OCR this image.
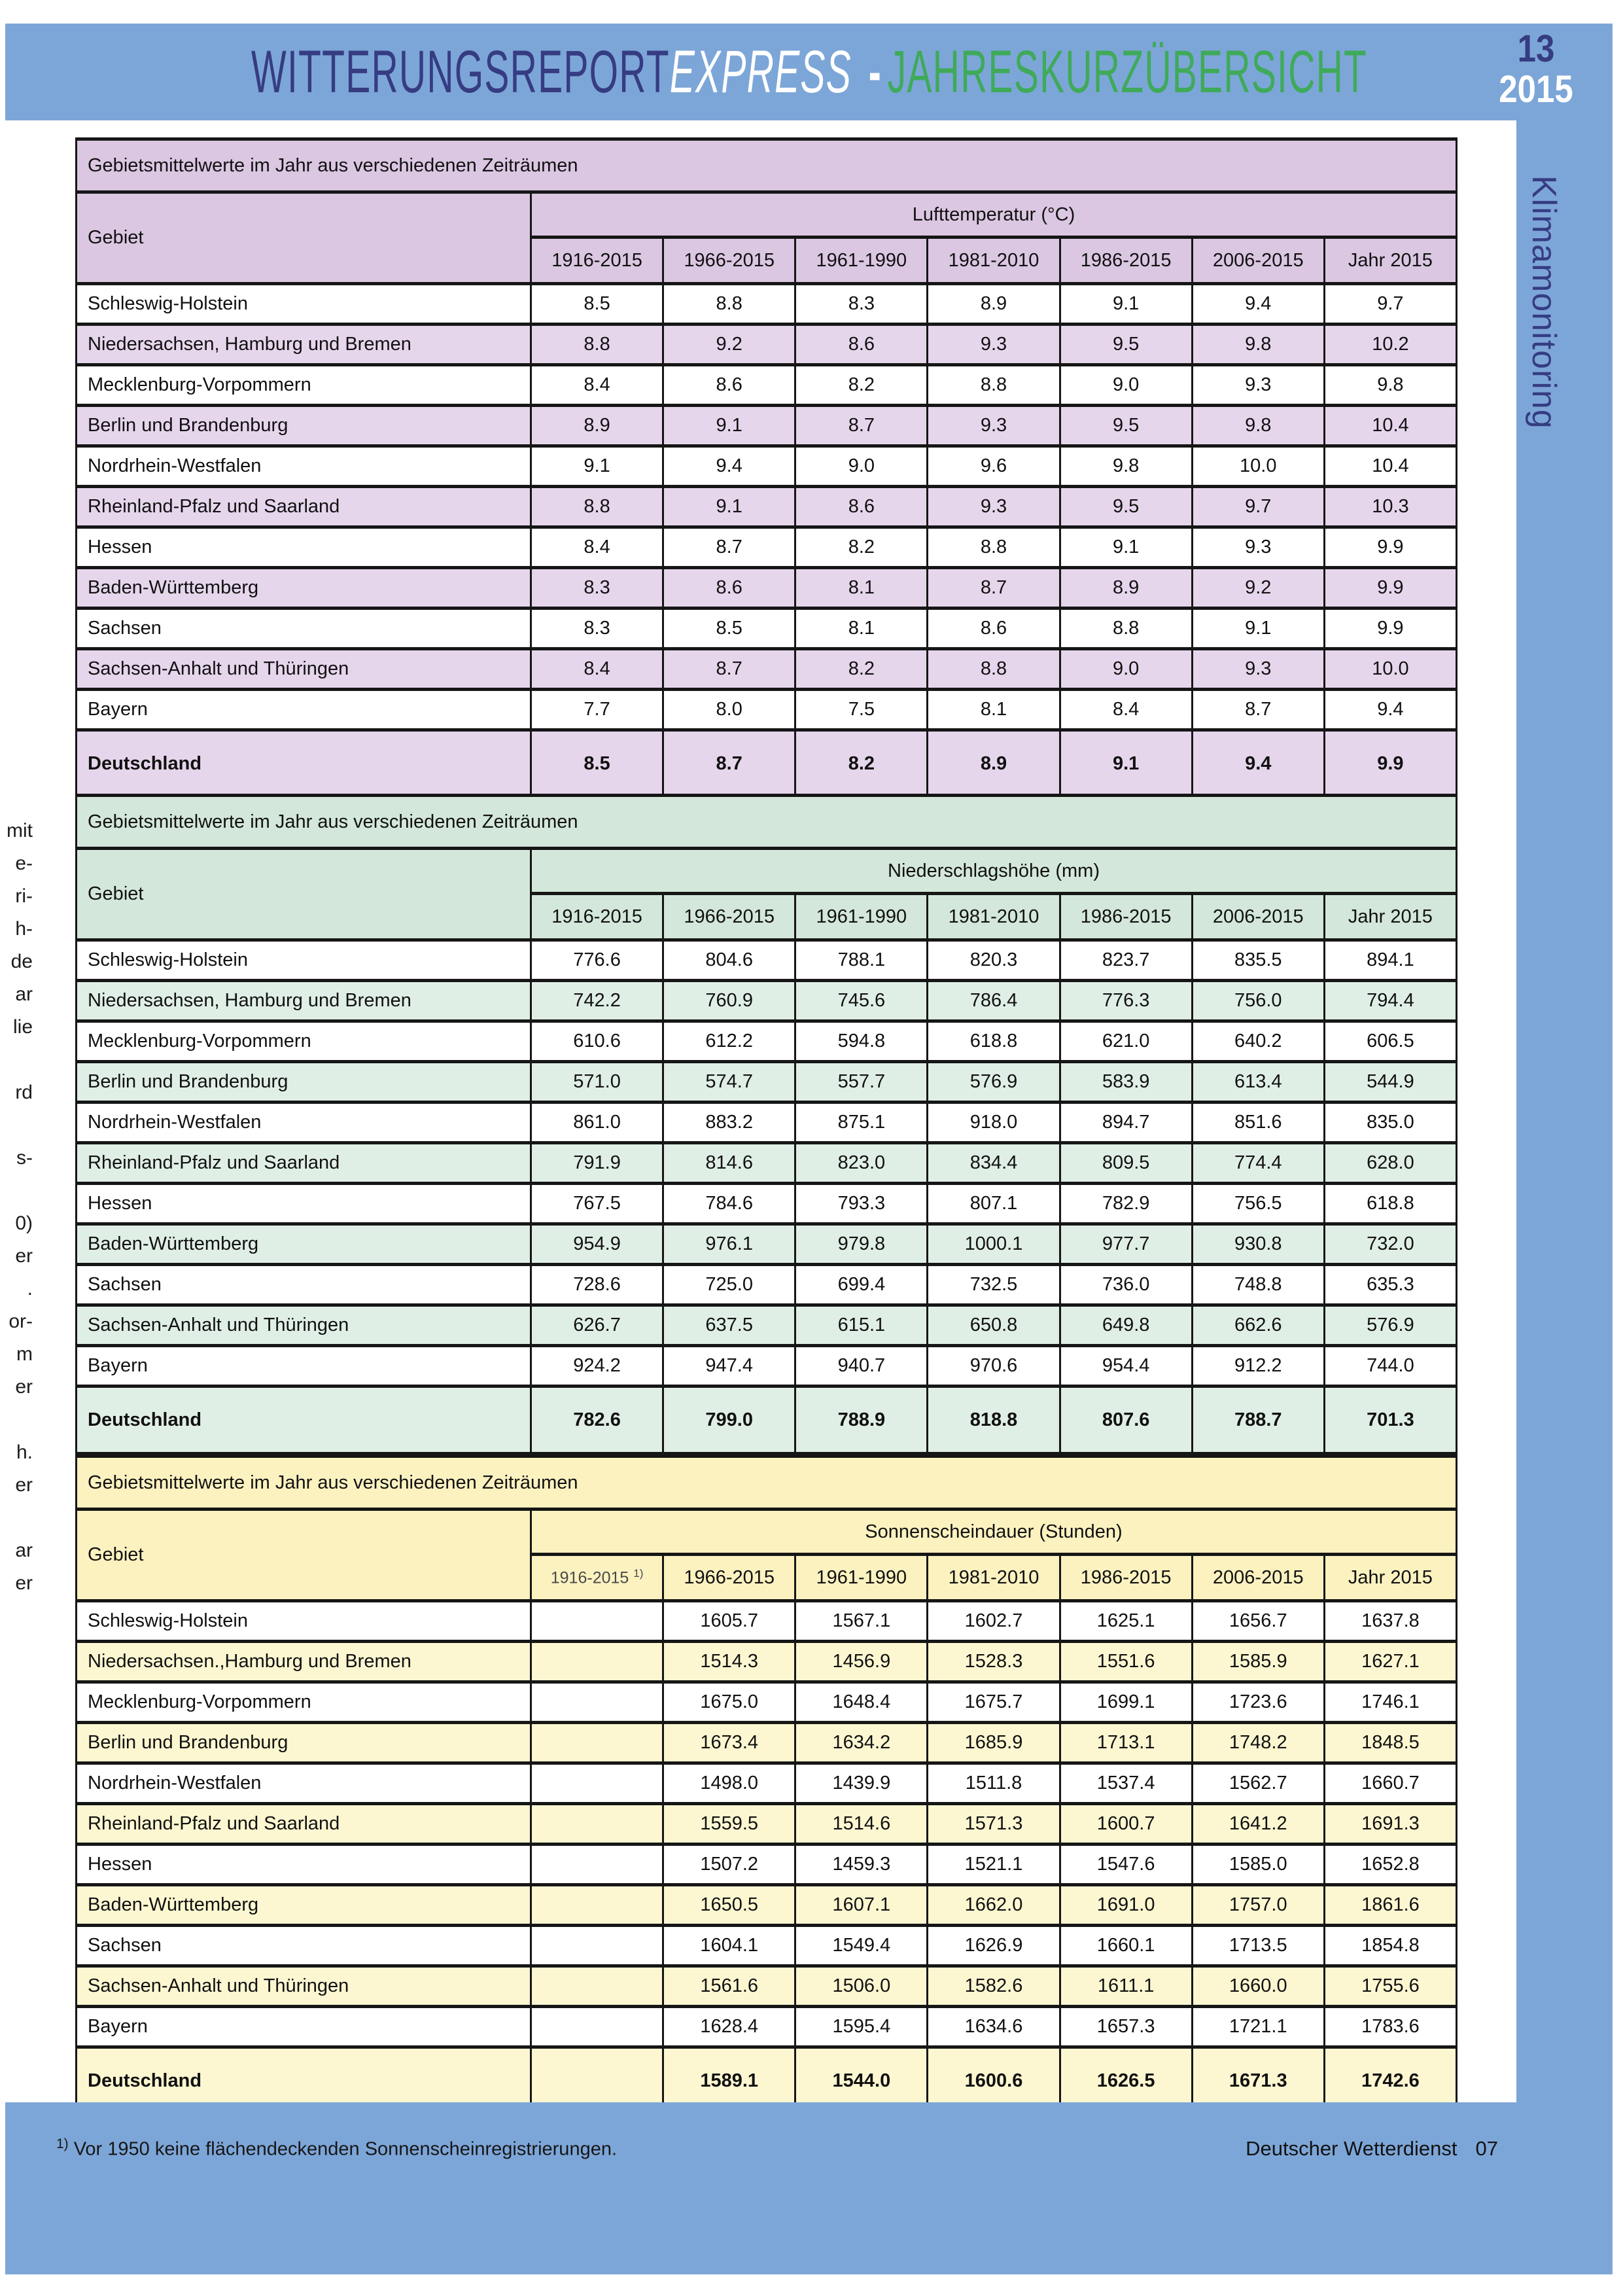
WITTERUNGSREPORTEXPRESS -JAHRESKURZÜBERSICHT	13
2015
Klimamonitoring
mit
e-
ri-
h-
de
ar
lie
rd
s-
0)
er
.
or-
m
er
h.
er
ar
er
Gebietsmittelwerte im Jahr aus verschiedenen Zeiträumen							
Gebiet	Lufttemperatur (°C)						
	1916-2015	1966-2015	1961-1990	1981-2010	1986-2015	2006-2015	Jahr 2015
Schleswig-Holstein	8.5	8.8	8.3	8.9	9.1	9.4	9.7
Niedersachsen, Hamburg und Bremen	8.8	9.2	8.6	9.3	9.5	9.8	10.2
Mecklenburg-Vorpommern	8.4	8.6	8.2	8.8	9.0	9.3	9.8
Berlin und Brandenburg	8.9	9.1	8.7	9.3	9.5	9.8	10.4
Nordrhein-Westfalen	9.1	9.4	9.0	9.6	9.8	10.0	10.4
Rheinland-Pfalz und Saarland	8.8	9.1	8.6	9.3	9.5	9.7	10.3
Hessen	8.4	8.7	8.2	8.8	9.1	9.3	9.9
Baden-Württemberg	8.3	8.6	8.1	8.7	8.9	9.2	9.9
Sachsen	8.3	8.5	8.1	8.6	8.8	9.1	9.9
Sachsen-Anhalt und Thüringen	8.4	8.7	8.2	8.8	9.0	9.3	10.0
Bayern	7.7	8.0	7.5	8.1	8.4	8.7	9.4
Deutschland	8.5	8.7	8.2	8.9	9.1	9.4	9.9
Gebietsmittelwerte im Jahr aus verschiedenen Zeiträumen							
Gebiet	Niederschlagshöhe (mm)						
	1916-2015	1966-2015	1961-1990	1981-2010	1986-2015	2006-2015	Jahr 2015
Schleswig-Holstein	776.6	804.6	788.1	820.3	823.7	835.5	894.1
Niedersachsen, Hamburg und Bremen	742.2	760.9	745.6	786.4	776.3	756.0	794.4
Mecklenburg-Vorpommern	610.6	612.2	594.8	618.8	621.0	640.2	606.5
Berlin und Brandenburg	571.0	574.7	557.7	576.9	583.9	613.4	544.9
Nordrhein-Westfalen	861.0	883.2	875.1	918.0	894.7	851.6	835.0
Rheinland-Pfalz und Saarland	791.9	814.6	823.0	834.4	809.5	774.4	628.0
Hessen	767.5	784.6	793.3	807.1	782.9	756.5	618.8
Baden-Württemberg	954.9	976.1	979.8	1000.1	977.7	930.8	732.0
Sachsen	728.6	725.0	699.4	732.5	736.0	748.8	635.3
Sachsen-Anhalt und Thüringen	626.7	637.5	615.1	650.8	649.8	662.6	576.9
Bayern	924.2	947.4	940.7	970.6	954.4	912.2	744.0
Deutschland	782.6	799.0	788.9	818.8	807.6	788.7	701.3
Gebietsmittelwerte im Jahr aus verschiedenen Zeiträumen							
Gebiet	Sonnenscheindauer (Stunden)						
	1916-2015 $^{1)}$	1966-2015	1961-1990	1981-2010	1986-2015	2006-2015	Jahr 2015
Schleswig-Holstein		1605.7	1567.1	1602.7	1625.1	1656.7	1637.8
Niedersachsen.,Hamburg und Bremen		1514.3	1456.9	1528.3	1551.6	1585.9	1627.1
Mecklenburg-Vorpommern		1675.0	1648.4	1675.7	1699.1	1723.6	1746.1
Berlin und Brandenburg		1673.4	1634.2	1685.9	1713.1	1748.2	1848.5
Nordrhein-Westfalen		1498.0	1439.9	1511.8	1537.4	1562.7	1660.7
Rheinland-Pfalz und Saarland		1559.5	1514.6	1571.3	1600.7	1641.2	1691.3
Hessen		1507.2	1459.3	1521.1	1547.6	1585.0	1652.8
Baden-Württemberg		1650.5	1607.1	1662.0	1691.0	1757.0	1861.6
Sachsen		1604.1	1549.4	1626.9	1660.1	1713.5	1854.8
Sachsen-Anhalt und Thüringen		1561.6	1506.0	1582.6	1611.1	1660.0	1755.6
Bayern		1628.4	1595.4	1634.6	1657.3	1721.1	1783.6
Deutschland		1589.1	1544.0	1600.6	1626.5	1671.3	1742.6
$^{1)}$ Vor 1950 keine flächendeckenden Sonnenscheinregistrierungen.	Deutscher Wetterdienst 07
